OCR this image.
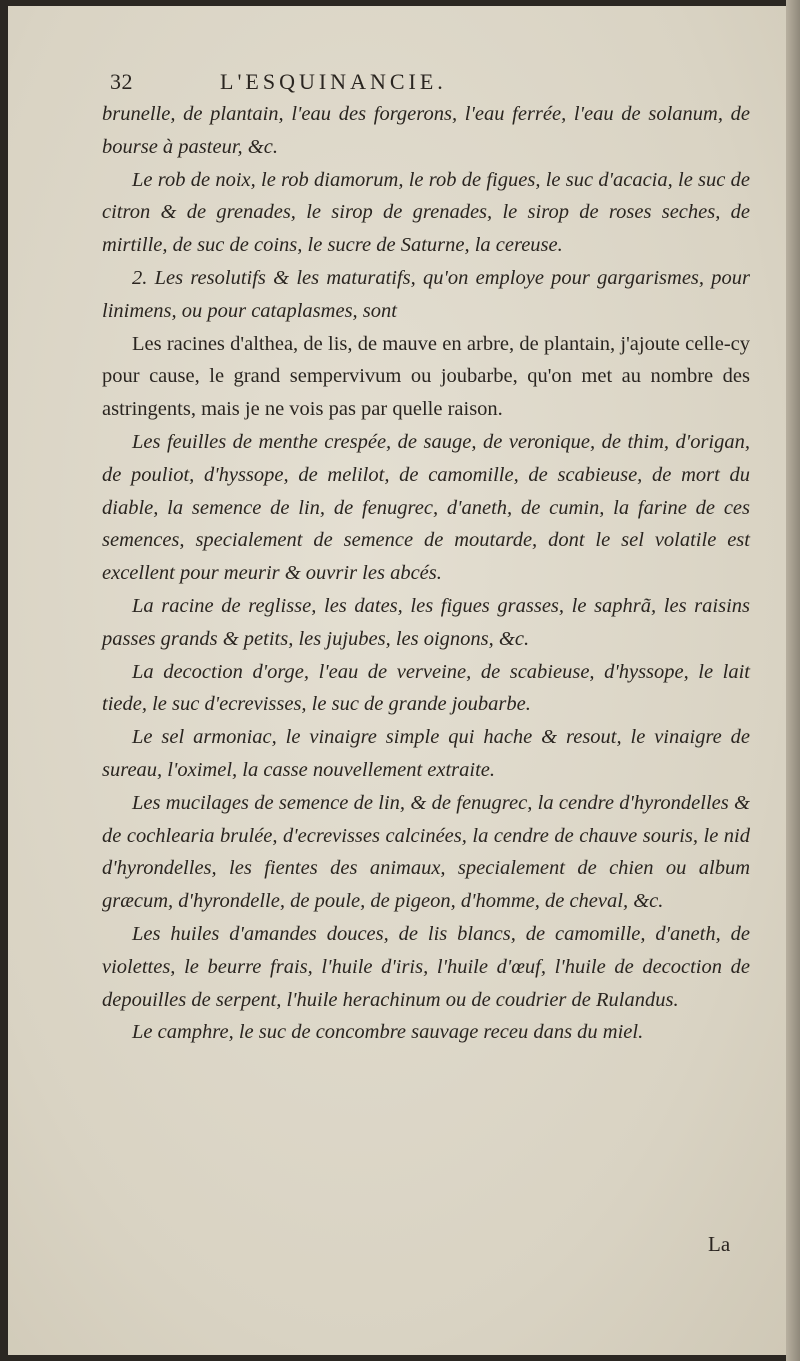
32	L'ESQUINANCIE.

brunelle, de plantain, l'eau des forgerons, l'eau ferrée, l'eau de solanum, de bourse à pasteur, &c.

Le rob de noix, le rob diamorum, le rob de figues, le suc d'acacia, le suc de citron & de grenades, le sirop de grenades, le sirop de roses seches, de mirtille, de suc de coins, le sucre de Saturne, la cereuse.

2. Les resolutifs & les maturatifs, qu'on employe pour gargarismes, pour linimens, ou pour cataplasmes, sont

Les racines d'althea, de lis, de mauve en arbre, de plantain, j'ajoute celle-cy pour cause, le grand sempervivum ou joubarbe, qu'on met au nombre des astringents, mais je ne vois pas par quelle raison.

Les feuilles de menthe crespée, de sauge, de veronique, de thim, d'origan, de pouliot, d'hyssope, de melilot, de camomille, de scabieuse, de mort du diable, la semence de lin, de fenugrec, d'aneth, de cumin, la farine de ces semences, specialement de semence de moutarde, dont le sel volatile est excellent pour meurir & ouvrir les abcés.

La racine de reglisse, les dates, les figues grasses, le saphrã, les raisins passes grands & petits, les jujubes, les oignons, &c.

La decoction d'orge, l'eau de verveine, de scabieuse, d'hyssope, le lait tiede, le suc d'ecrevisses, le suc de grande joubarbe.

Le sel armoniac, le vinaigre simple qui hache & resout, le vinaigre de sureau, l'oximel, la casse nouvellement extraite.

Les mucilages de semence de lin, & de fenugrec, la cendre d'hyrondelles & de cochlearia brulée, d'ecrevisses calcinées, la cendre de chauve souris, le nid d'hyrondelles, les fientes des animaux, specialement de chien ou album græcum, d'hyrondelle, de poule, de pigeon, d'homme, de cheval, &c.

Les huiles d'amandes douces, de lis blancs, de camomille, d'aneth, de violettes, le beurre frais, l'huile d'iris, l'huile d'œuf, l'huile de decoction de depouilles de serpent, l'huile herachinum ou de coudrier de Rulandus.

Le camphre, le suc de concombre sauvage receu dans du miel.

La
